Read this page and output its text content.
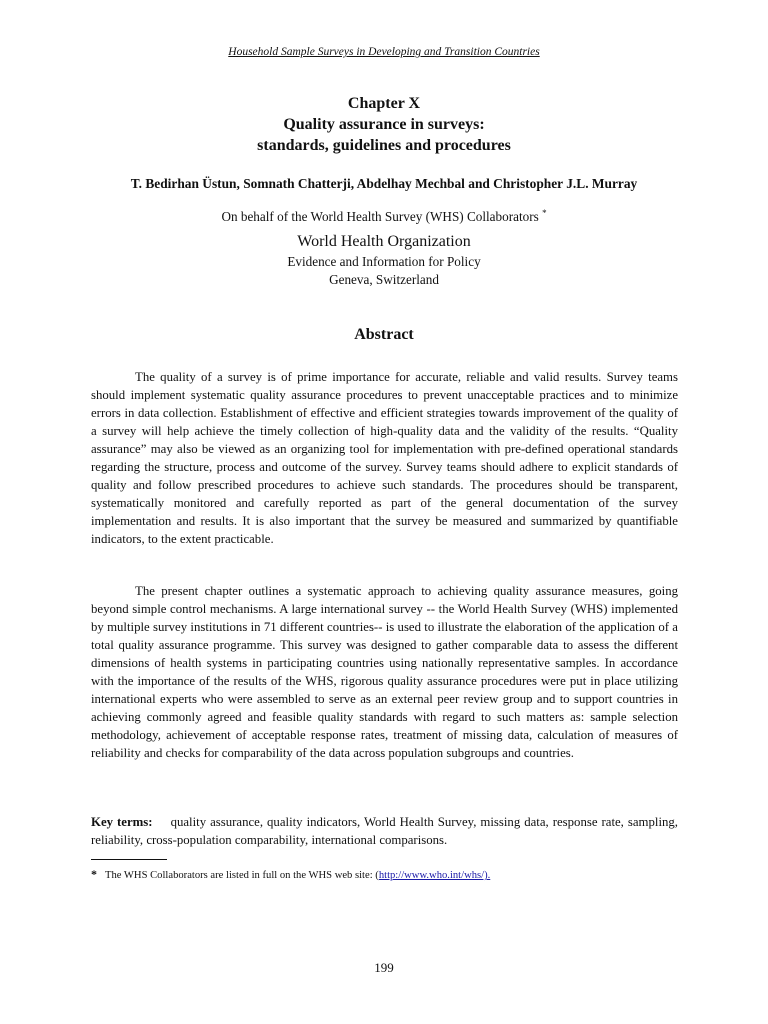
Household Sample Surveys in Developing and Transition Countries
Chapter X
Quality assurance in surveys:
standards, guidelines and procedures
T. Bedirhan Üstun, Somnath Chatterji, Abdelhay Mechbal and Christopher J.L. Murray
On behalf of the World Health Survey (WHS) Collaborators *
World Health Organization
Evidence and Information for Policy
Geneva, Switzerland
Abstract

The quality of a survey is of prime importance for accurate, reliable and valid results. Survey teams should implement systematic quality assurance procedures to prevent unacceptable practices and to minimize errors in data collection. Establishment of effective and efficient strategies towards improvement of the quality of a survey will help achieve the timely collection of high-quality data and the validity of the results. “Quality assurance” may also be viewed as an organizing tool for implementation with pre-defined operational standards regarding the structure, process and outcome of the survey. Survey teams should adhere to explicit standards of quality and follow prescribed procedures to achieve such standards. The procedures should be transparent, systematically monitored and carefully reported as part of the general documentation of the survey implementation and results. It is also important that the survey be measured and summarized by quantifiable indicators, to the extent practicable.

The present chapter outlines a systematic approach to achieving quality assurance measures, going beyond simple control mechanisms. A large international survey -- the World Health Survey (WHS) implemented by multiple survey institutions in 71 different countries-- is used to illustrate the elaboration of the application of a total quality assurance programme. This survey was designed to gather comparable data to assess the different dimensions of health systems in participating countries using nationally representative samples. In accordance with the importance of the results of the WHS, rigorous quality assurance procedures were put in place utilizing international experts who were assembled to serve as an external peer review group and to support countries in achieving commonly agreed and feasible quality standards with regard to such matters as: sample selection methodology, achievement of acceptable response rates, treatment of missing data, calculation of measures of reliability and checks for comparability of the data across population subgroups and countries.

Key terms: quality assurance, quality indicators, World Health Survey, missing data, response rate, sampling, reliability, cross-population comparability, international comparisons.

* The WHS Collaborators are listed in full on the WHS web site: (http://www.who.int/whs/).
199
